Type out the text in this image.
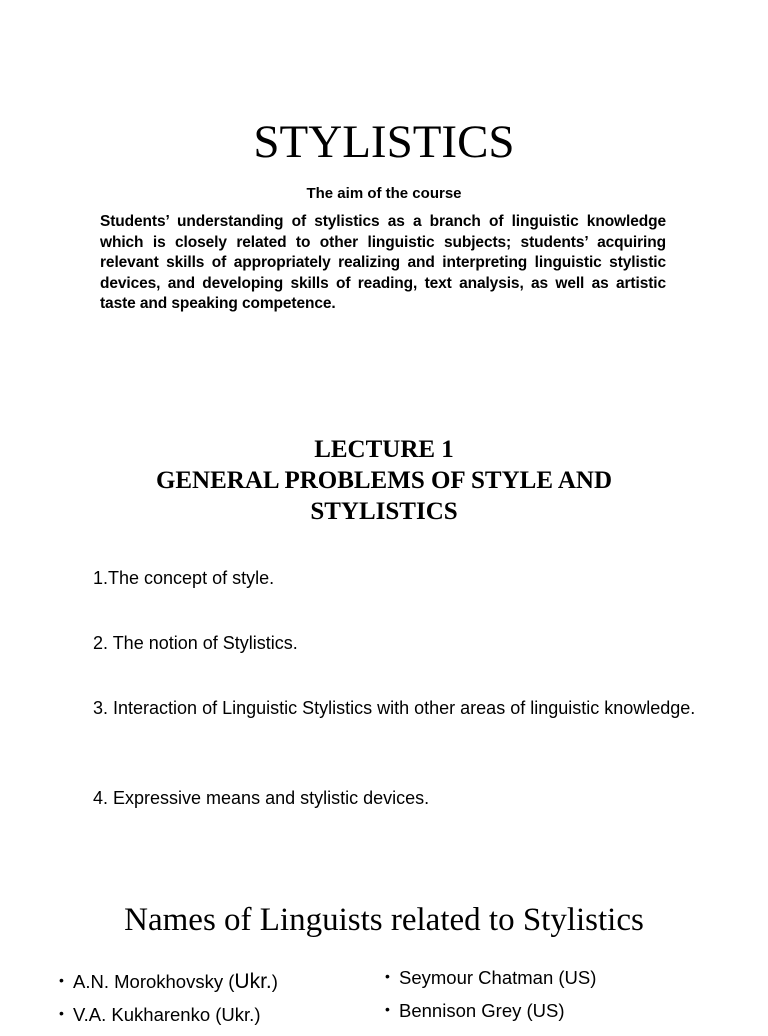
STYLISTICS
The aim of the course
Students’ understanding of stylistics as a branch of linguistic knowledge which is closely related to other linguistic subjects; students’ acquiring relevant skills of appropriately realizing and interpreting linguistic stylistic devices, and developing skills of reading, text analysis, as well as artistic taste and speaking competence.
LECTURE 1
GENERAL PROBLEMS OF STYLE AND
STYLISTICS
1.The concept of style.
2. The notion of Stylistics.
3. Interaction of Linguistic Stylistics with other areas of linguistic knowledge.
4. Expressive means and stylistic devices.
Names of Linguists related to Stylistics
• A.N. Morokhovsky (Ukr.)
• V.A. Kukharenko (Ukr.)
• Seymour Chatman (US)
• Bennison Grey (US)
